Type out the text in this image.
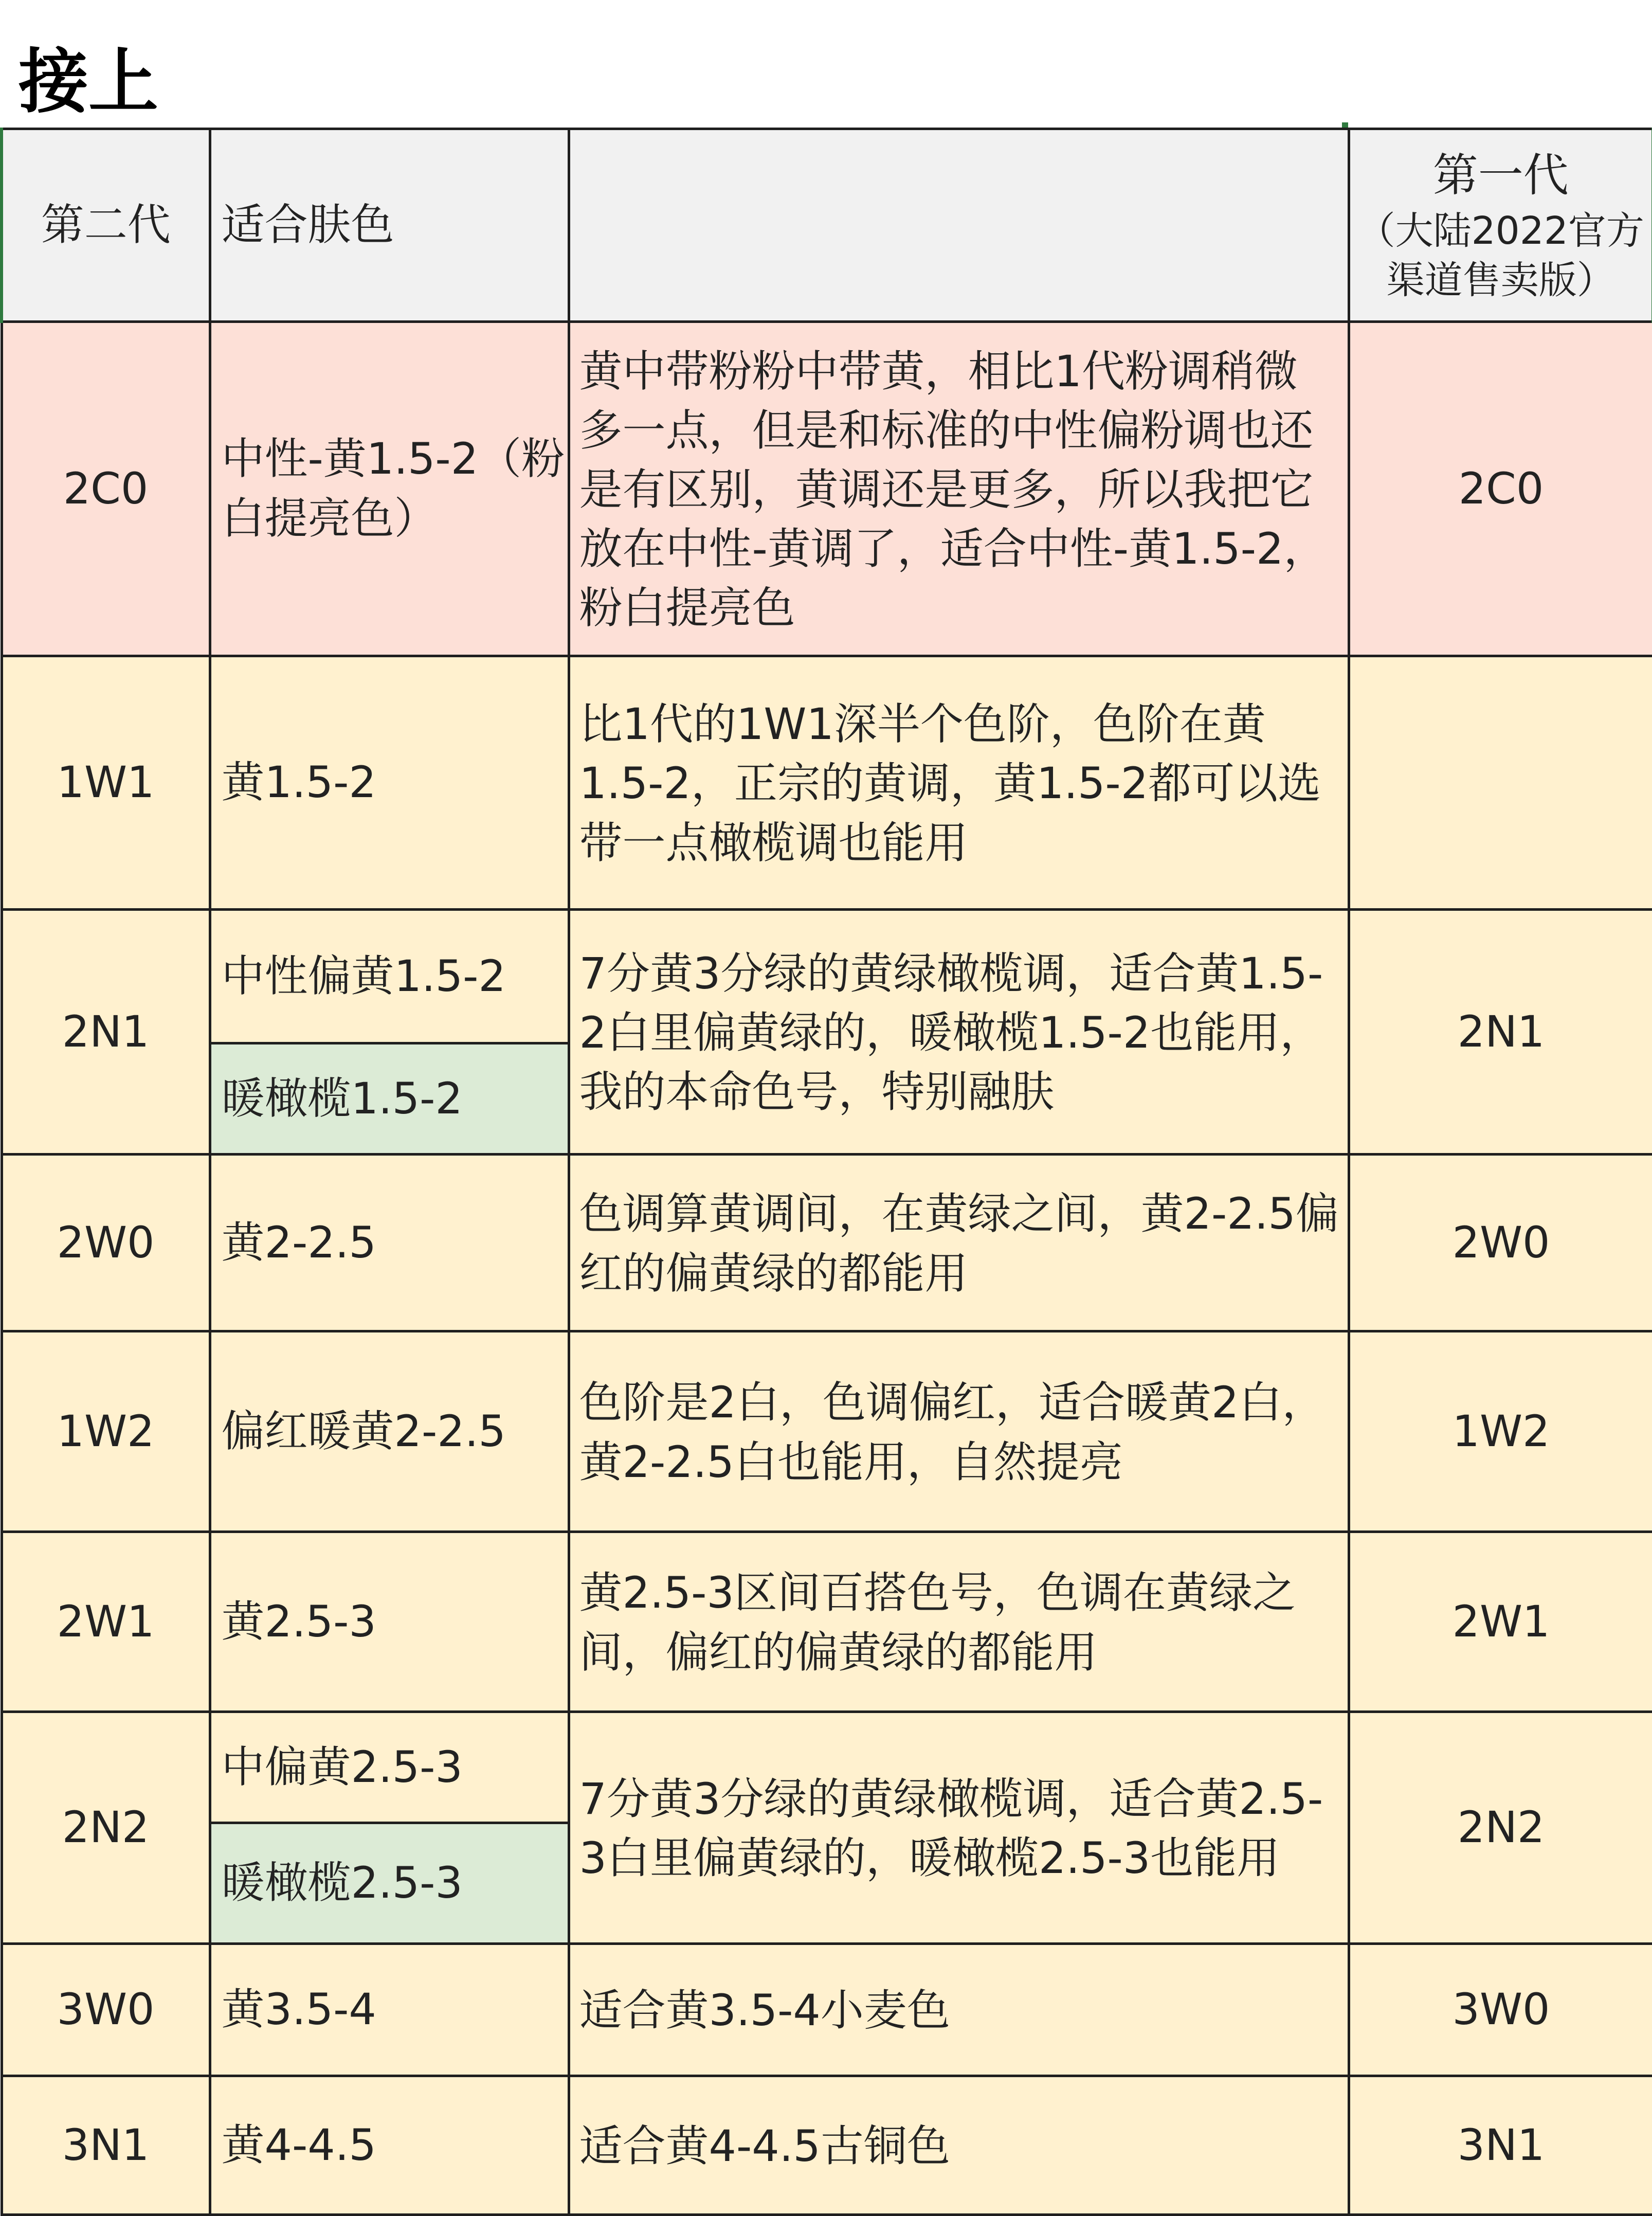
接上
第二代	适合肤色		第一代
（大陆2022官方渠道售卖版）

2C0	中性-黄1.5-2（粉白提亮色）	黄中带粉粉中带黄，相比1代粉调稍微多一点，但是和标准的中性偏粉调也还是有区别，黄调还是更多，所以我把它放在中性-黄调了，适合中性-黄1.5-2，粉白提亮色	2C0
1W1	黄1.5-2	比1代的1W1深半个色阶，色阶在黄1.5-2，正宗的黄调，黄1.5-2都可以选带一点橄榄调也能用	
2N1	中性偏黄1.5-2	7分黄3分绿的黄绿橄榄调，适合黄1.5-2白里偏黄绿的，暖橄榄1.5-2也能用，我的本命色号，特别融肤	2N1
	暖橄榄1.5-2		
2W0	黄2-2.5	色调算黄调间，在黄绿之间，黄2-2.5偏红的偏黄绿的都能用	2W0
1W2	偏红暖黄2-2.5	色阶是2白，色调偏红，适合暖黄2白，黄2-2.5白也能用，自然提亮	1W2
2W1	黄2.5-3	黄2.5-3区间百搭色号，色调在黄绿之间，偏红的偏黄绿的都能用	2W1
2N2	中偏黄2.5-3	7分黄3分绿的黄绿橄榄调，适合黄2.5-3白里偏黄绿的，暖橄榄2.5-3也能用	2N2
	暖橄榄2.5-3		
3W0	黄3.5-4	适合黄3.5-4小麦色	3W0
3N1	黄4-4.5	适合黄4-4.5古铜色	3N1
